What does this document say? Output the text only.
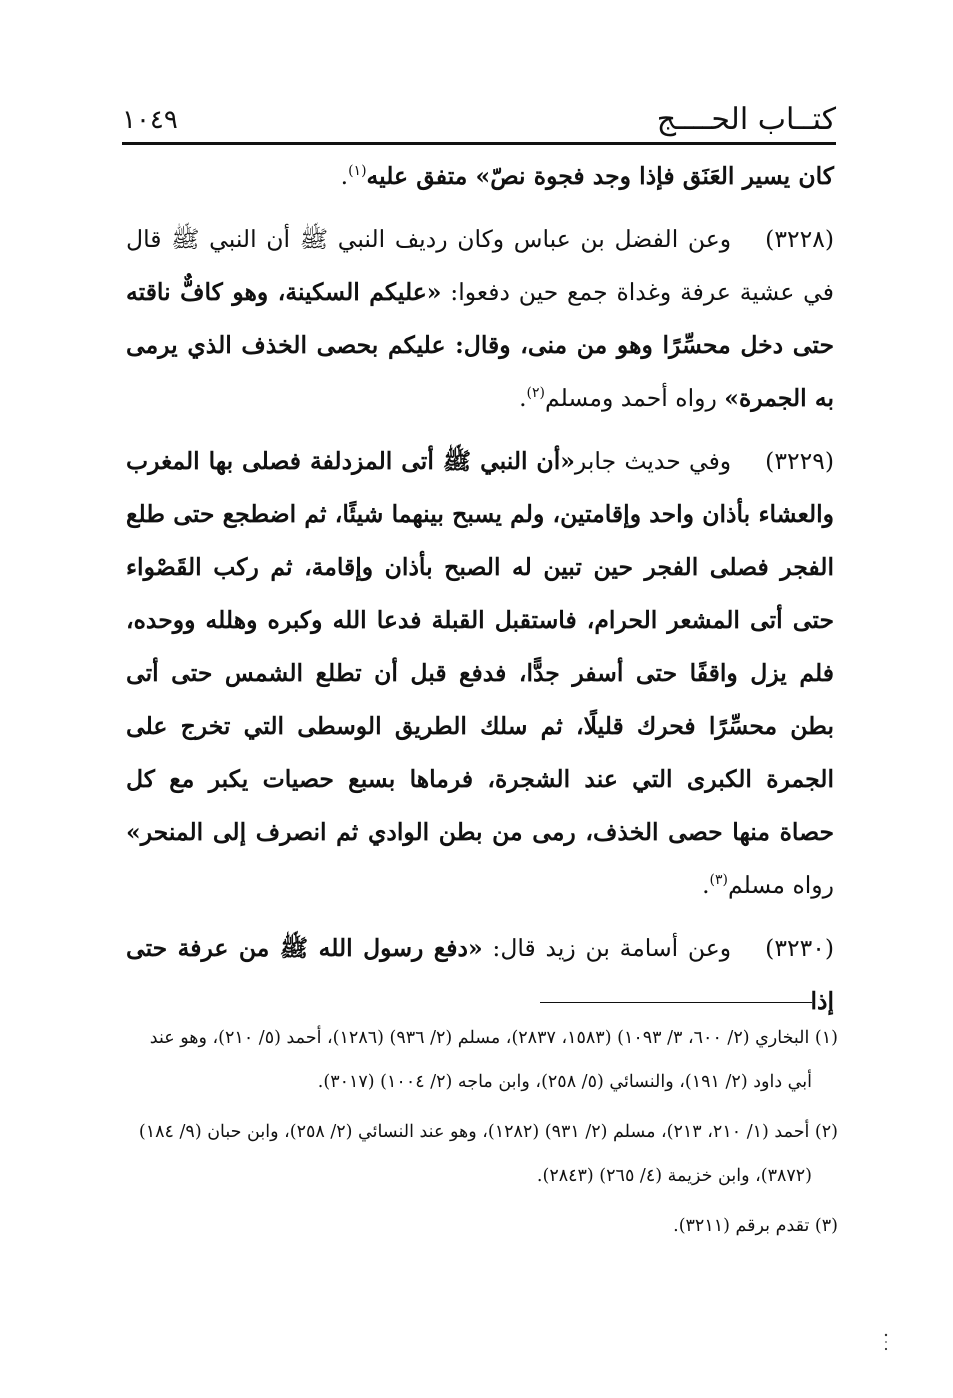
كتــاب الحــــج
١٠٤٩

كان يسير العَنَق فإذا وجد فجوة نصّ» متفق عليه$^{(١)}$.

(٣٢٢٨)وعن الفضل بن عباس وكان رديف النبي ﷺ أن النبي ﷺ قال في عشية عرفة وغداة جمع حين دفعوا: «عليكم السكينة، وهو كافٌّ ناقته حتى دخل محسِّرًا وهو من منى، وقال: عليكم بحصى الخذف الذي يرمى به الجمرة» رواه أحمد ومسلم$^{(٢)}$.

(٣٢٢٩)وفي حديث جابر«أن النبي ﷺ أتى المزدلفة فصلى بها المغرب والعشاء بأذان واحد وإقامتين، ولم يسبح بينهما شيئًا، ثم اضطجع حتى طلع الفجر فصلى الفجر حين تبين له الصبح بأذان وإقامة، ثم ركب القَصْواء حتى أتى المشعر الحرام، فاستقبل القبلة فدعا الله وكبره وهلله ووحده، فلم يزل واقفًا حتى أسفر جدًّا، فدفع قبل أن تطلع الشمس حتى أتى بطن محسِّرًا فحرك قليلًا، ثم سلك الطريق الوسطى التي تخرج على الجمرة الكبرى التي عند الشجرة، فرماها بسبع حصيات يكبر مع كل حصاة منها حصى الخذف، رمى من بطن الوادي ثم انصرف إلى المنحر» رواه مسلم$^{(٣)}$.

(٣٢٣٠)وعن أسامة بن زيد قال: «دفع رسول الله ﷺ من عرفة حتى إذا

(١) البخاري (٢/ ٦٠٠، ٣/ ١٠٩٣) (١٥٨٣، ٢٨٣٧)، مسلم (٢/ ٩٣٦) (١٢٨٦)، أحمد (٥/ ٢١٠)، وهو عند أبي داود (٢/ ١٩١)، والنسائي (٥/ ٢٥٨)، وابن ماجه (٢/ ١٠٠٤) (٣٠١٧).

(٢) أحمد (١/ ٢١٠، ٢١٣)، مسلم (٢/ ٩٣١) (١٢٨٢)، وهو عند النسائي (٢/ ٢٥٨)، وابن حبان (٩/ ١٨٤) (٣٨٧٢)، وابن خزيمة (٤/ ٢٦٥) (٢٨٤٣).

(٣) تقدم برقم (٣٢١١).
